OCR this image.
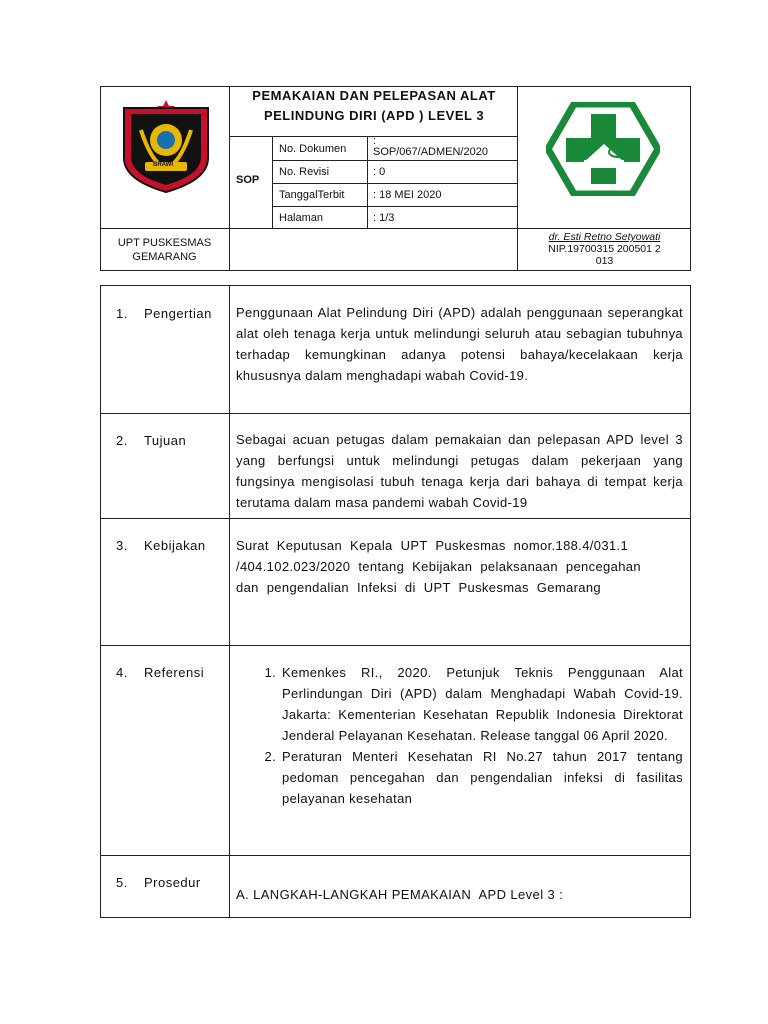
BRAWI
PEMAKAIAN DAN PELEPASAN ALAT
PELINDUNG DIRI (APD ) LEVEL 3
SOP
No. Dokumen
:
SOP/067/ADMEN/2020
No. Revisi	: 0
TanggalTerbit	: 18 MEI 2020
Halaman	: 1/3
UPT PUSKESMAS
GEMARANG
dr. Esti Retno Setyowati
NIP.19700315 200501 2
013
1. Pengertian Penggunaan Alat Pelindung Diri (APD) adalah penggunaan seperangkat alat oleh tenaga kerja untuk melindungi seluruh atau sebagian tubuhnya terhadap kemungkinan adanya potensi bahaya/kecelakaan kerja khususnya dalam menghadapi wabah Covid-19.
2. Tujuan	Sebagai acuan petugas dalam pemakaian dan pelepasan APD level 3 yang berfungsi untuk melindungi petugas dalam pekerjaan yang fungsinya mengisolasi tubuh tenaga kerja dari bahaya di tempat kerja terutama dalam masa pandemi wabah Covid-19
3. Kebijakan Surat Keputusan Kepala UPT Puskesmas nomor.188.4/031.1 /404.102.023/2020 tentang Kebijakan pelaksanaan pencegahan dan pengendalian Infeksi di UPT Puskesmas Gemarang
4. Referensi
1.	Kemenkes RI., 2020. Petunjuk Teknis Penggunaan Alat Perlindungan Diri (APD) dalam Menghadapi Wabah Covid-19. Jakarta: Kementerian Kesehatan Republik Indonesia Direktorat Jenderal Pelayanan Kesehatan. Release tanggal 06 April 2020.
2. Peraturan Menteri Kesehatan RI No.27 tahun 2017 tentang pedoman pencegahan dan pengendalian infeksi di fasilitas pelayanan kesehatan
5. Prosedur
A. LANGKAH-LANGKAH PEMAKAIAN  APD Level 3 :
